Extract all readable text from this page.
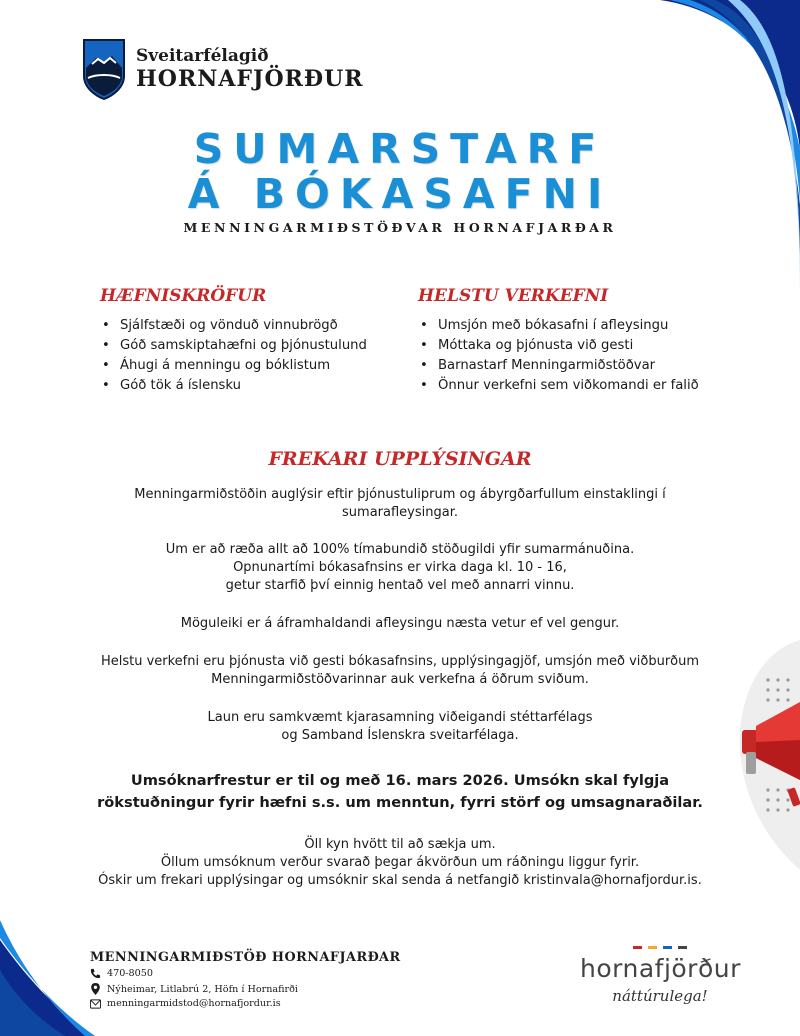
Sveitarfélagið
HORNAFJÖRÐUR
SUMARSTARF
Á BÓKASAFNI
MENNINGARMIÐSTÖÐVAR HORNAFJARÐAR
HÆFNISKRÖFUR
• Sjálfstæði og vönduð vinnubrögð
• Góð samskiptahæfni og þjónustulund
• Áhugi á menningu og bóklistum
• Góð tök á íslensku
HELSTU VERKEFNI
• Umsjón með bókasafni í afleysingu
• Móttaka og þjónusta við gesti
• Barnastarf Menningarmiðstöðvar
• Önnur verkefni sem viðkomandi er falið
FREKARI UPPLÝSINGAR
Menningarmiðstöðin auglýsir eftir þjónustuliprum og ábyrgðarfullum einstaklingi í
sumarafleysingar.
Um er að ræða allt að 100% tímabundið stöðugildi yfir sumarmánuðina.
Opnunartími bókasafnsins er virka daga kl. 10 - 16,
getur starfið því einnig hentað vel með annarri vinnu.
Möguleiki er á áframhaldandi afleysingu næsta vetur ef vel gengur.
Helstu verkefni eru þjónusta við gesti bókasafnsins, upplýsingagjöf, umsjón með viðburðum
Menningarmiðstöðvarinnar auk verkefna á öðrum sviðum.
Laun eru samkvæmt kjarasamning viðeigandi stéttarfélags
og Samband Íslenskra sveitarfélaga.
Umsóknarfrestur er til og með 16. mars 2026. Umsókn skal fylgja
rökstuðningur fyrir hæfni s.s. um menntun, fyrri störf og umsagnaraðilar.
Öll kyn hvött til að sækja um.
Öllum umsóknum verður svarað þegar ákvörðun um ráðningu liggur fyrir.
Óskir um frekari upplýsingar og umsóknir skal senda á netfangið kristinvala@hornafjordur.is.
MENNINGARMIÐSTÖÐ HORNAFJARÐAR
470-8050
Nýheimar, Litlabrú 2, Höfn í Hornafirði
menningarmidstod@hornafjordur.is
hornafjörður
náttúrulega!
